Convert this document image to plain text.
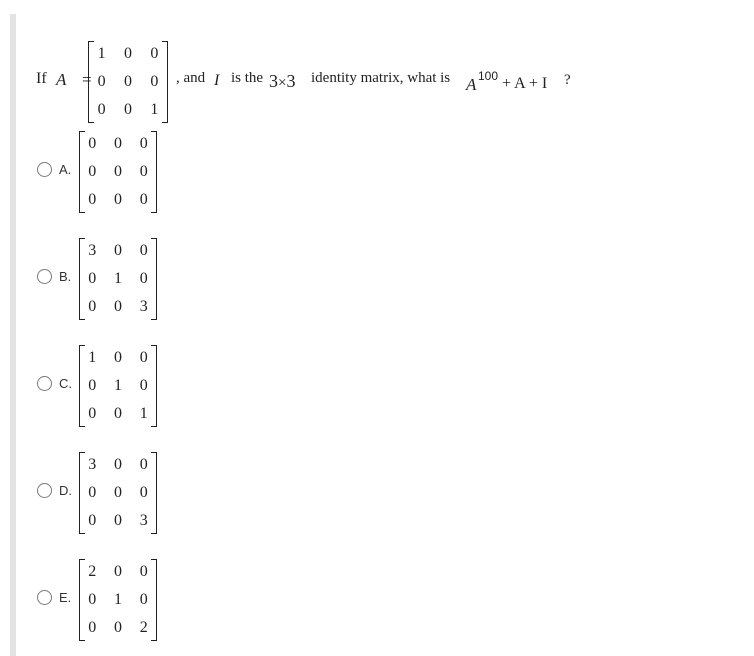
If A =
1 0 0
0 0 0
0 0 1
, and I is the 3×3 identity matrix, what is A 100 + A + I ?
A.
0 0 0
0 0 0
0 0 0
B.
3 0 0
0 1 0
0 0 3
C.
1 0 0
0 1 0
0 0 1
D.
3 0 0
0 0 0
0 0 3
E.
2 0 0
0 1 0
0 0 2
